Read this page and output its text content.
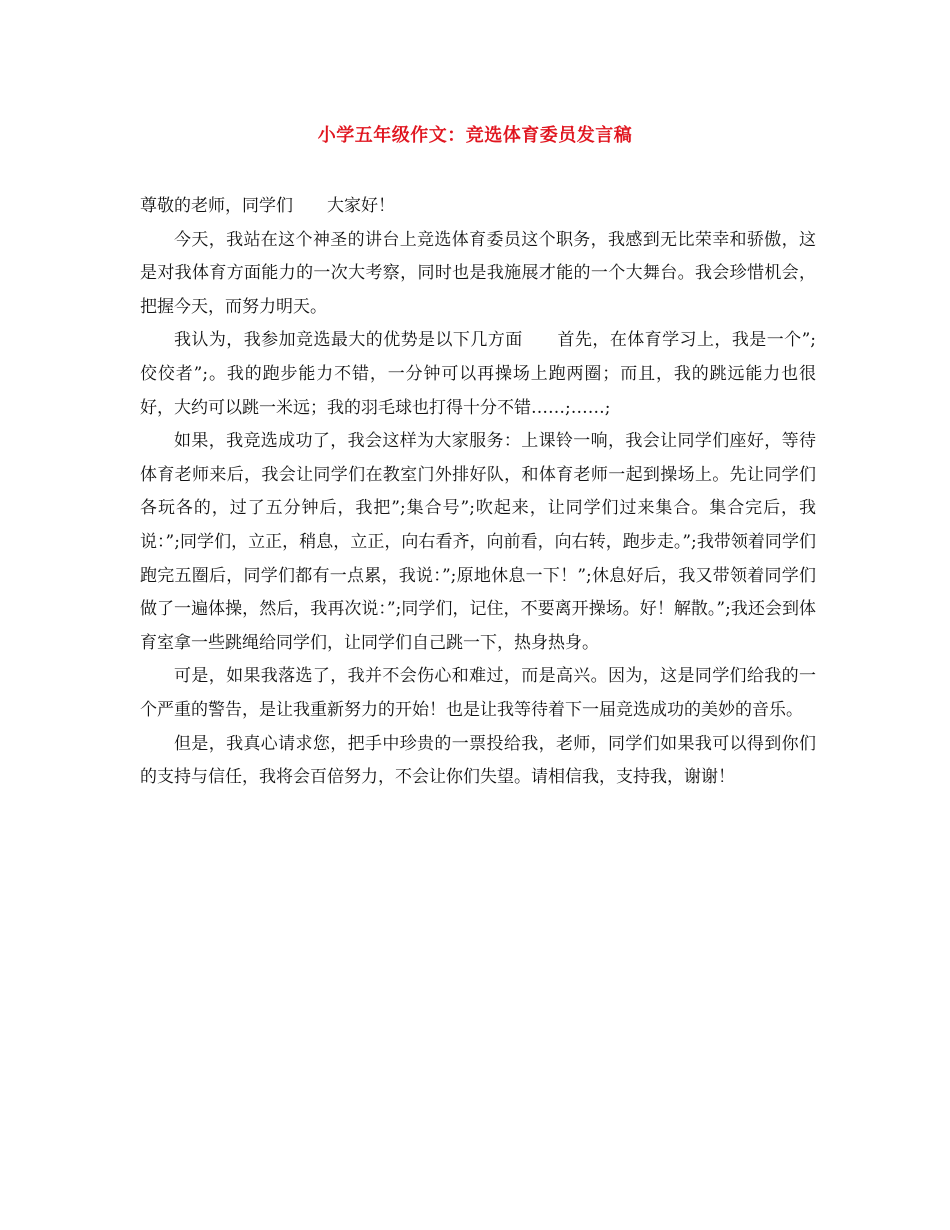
小学五年级作文：竞选体育委员发言稿

尊敬的老师，同学们　　大家好！

今天，我站在这个神圣的讲台上竞选体育委员这个职务，我感到无比荣幸和骄傲，这是对我体育方面能力的一次大考察，同时也是我施展才能的一个大舞台。我会珍惜机会，把握今天，而努力明天。

我认为，我参加竞选最大的优势是以下几方面　　首先，在体育学习上，我是一个”;佼佼者”;。我的跑步能力不错，一分钟可以再操场上跑两圈；而且，我的跳远能力也很好，大约可以跳一米远；我的羽毛球也打得十分不错……;……;

如果，我竞选成功了，我会这样为大家服务：上课铃一响，我会让同学们座好，等待体育老师来后，我会让同学们在教室门外排好队，和体育老师一起到操场上。先让同学们各玩各的，过了五分钟后，我把”;集合号”;吹起来，让同学们过来集合。集合完后，我说：”;同学们，立正，稍息，立正，向右看齐，向前看，向右转，跑步走。”;我带领着同学们跑完五圈后，同学们都有一点累，我说：”;原地休息一下！”;休息好后，我又带领着同学们做了一遍体操，然后，我再次说：”;同学们，记住，不要离开操场。好！解散。”;我还会到体育室拿一些跳绳给同学们，让同学们自己跳一下，热身热身。

可是，如果我落选了，我并不会伤心和难过，而是高兴。因为，这是同学们给我的一个严重的警告，是让我重新努力的开始！也是让我等待着下一届竞选成功的美妙的音乐。

但是，我真心请求您，把手中珍贵的一票投给我，老师，同学们如果我可以得到你们的支持与信任，我将会百倍努力，不会让你们失望。请相信我，支持我，谢谢！
